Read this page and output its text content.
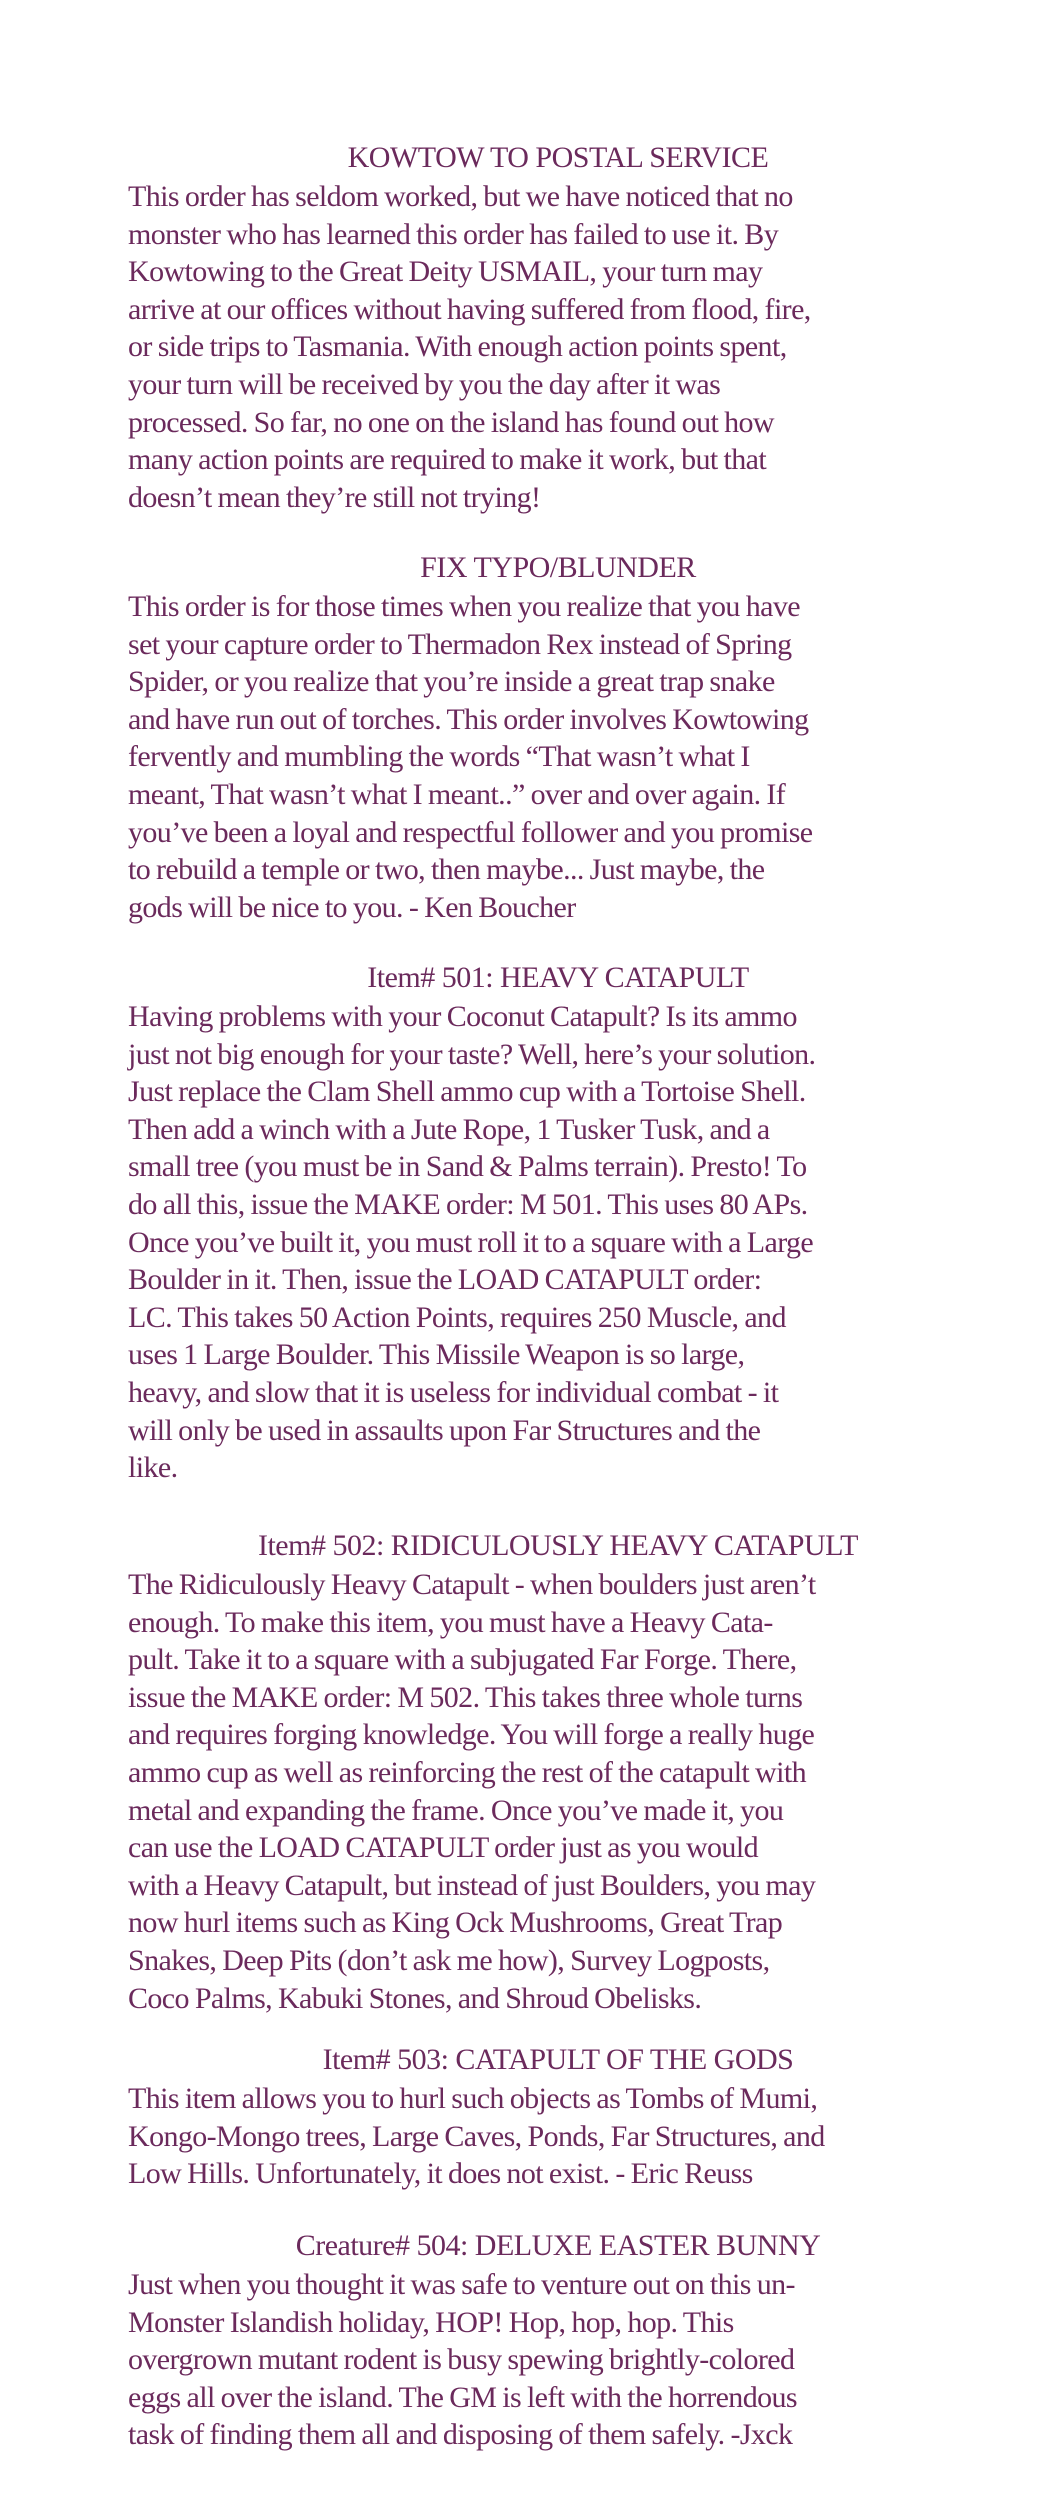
KOWTOW TO POSTAL SERVICE

This order has seldom worked, but we have noticed that no
monster who has learned this order has failed to use it. By
Kowtowing to the Great Deity USMAIL, your turn may
arrive at our offices without having suffered from flood, fire,
or side trips to Tasmania. With enough action points spent,
your turn will be received by you the day after it was
processed. So far, no one on the island has found out how
many action points are required to make it work, but that
doesn’t mean they’re still not trying!

FIX TYPO/BLUNDER

This order is for those times when you realize that you have
set your capture order to Thermadon Rex instead of Spring
Spider, or you realize that you’re inside a great trap snake
and have run out of torches. This order involves Kowtowing
fervently and mumbling the words “That wasn’t what I
meant, That wasn’t what I meant..” over and over again. If
you’ve been a loyal and respectful follower and you promise
to rebuild a temple or two, then maybe... Just maybe, the
gods will be nice to you. - Ken Boucher

Item# 501: HEAVY CATAPULT

Having problems with your Coconut Catapult? Is its ammo
just not big enough for your taste? Well, here’s your solution.
Just replace the Clam Shell ammo cup with a Tortoise Shell.
Then add a winch with a Jute Rope, 1 Tusker Tusk, and a
small tree (you must be in Sand & Palms terrain). Presto! To
do all this, issue the MAKE order: M 501. This uses 80 APs.
Once you’ve built it, you must roll it to a square with a Large
Boulder in it. Then, issue the LOAD CATAPULT order:
LC. This takes 50 Action Points, requires 250 Muscle, and
uses 1 Large Boulder. This Missile Weapon is so large,
heavy, and slow that it is useless for individual combat - it
will only be used in assaults upon Far Structures and the
like.

Item# 502: RIDICULOUSLY HEAVY CATAPULT

The Ridiculously Heavy Catapult - when boulders just aren’t
enough. To make this item, you must have a Heavy Cata-
pult. Take it to a square with a subjugated Far Forge. There,
issue the MAKE order: M 502. This takes three whole turns
and requires forging knowledge. You will forge a really huge
ammo cup as well as reinforcing the rest of the catapult with
metal and expanding the frame. Once you’ve made it, you
can use the LOAD CATAPULT order just as you would
with a Heavy Catapult, but instead of just Boulders, you may
now hurl items such as King Ock Mushrooms, Great Trap
Snakes, Deep Pits (don’t ask me how), Survey Logposts,
Coco Palms, Kabuki Stones, and Shroud Obelisks.

Item# 503: CATAPULT OF THE GODS

This item allows you to hurl such objects as Tombs of Mumi,
Kongo-Mongo trees, Large Caves, Ponds, Far Structures, and
Low Hills. Unfortunately, it does not exist. - Eric Reuss

Creature# 504: DELUXE EASTER BUNNY

Just when you thought it was safe to venture out on this un-
Monster Islandish holiday, HOP! Hop, hop, hop. This
overgrown mutant rodent is busy spewing brightly-colored
eggs all over the island. The GM is left with the horrendous
task of finding them all and disposing of them safely. -Jxck
